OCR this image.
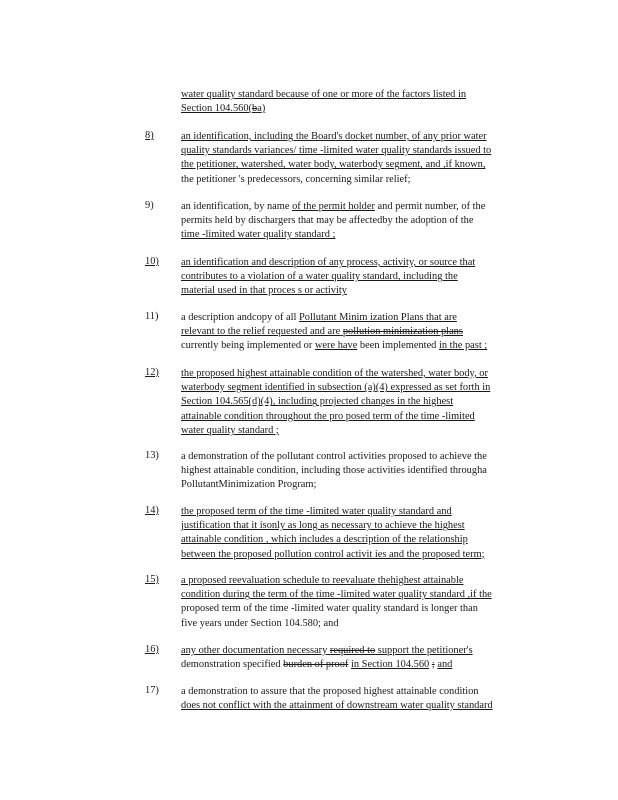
water quality standard because of one or more of the factors listed in
Section 104.560(ba)
8)	an identification, including the Board's docket number, of any prior water
quality standards variances/ time -limited water quality standards issued to
the petitioner, watershed, water body, waterbody segment, and ,if known,
the petitioner 's predecessors, concerning similar relief;
9)	an identification, by name of the permit holder and permit number, of the
permits held by dischargers that may be affectedby the adoption of the
time -limited water quality standard ;
10)	an identification and description of any process, activity, or source that
contributes to a violation of a water quality standard, including the
material used in that proces s or activity
11)	a description andcopy of all Pollutant Minim ization Plans that are
relevant to the relief requested and are pollution minimization plans
currently being implemented or were have been implemented in the past ;
12)	the proposed highest attainable condition of the watershed, water body, or
waterbody segment identified in subsection (a)(4) expressed as set forth in
Section 104.565(d)(4), including projected changes in the highest
attainable condition throughout the pro posed term of the time -limited
water quality standard ;
13)	a demonstration of the pollutant control activities proposed to achieve the
highest attainable condition, including those activities identified througha
PollutantMinimization Program;
14)	the proposed term of the time -limited water quality standard and
justification that it isonly as long as necessary to achieve the highest
attainable condition , which includes a description of the relationship
between the proposed pollution control activit ies and the proposed term;
15)	a proposed reevaluation schedule to reevaluate thehighest attainable
condition during the term of the time -limited water quality standard ,if the
proposed term of the time -limited water quality standard is longer than
five years under Section 104.580; and
16)	any other documentation necessary required to support the petitioner's
demonstration specified burden of proof in Section 104.560 ; and
17)	a demonstration to assure that the proposed highest attainable condition
does not conflict with the attainment of downstream water quality standard
